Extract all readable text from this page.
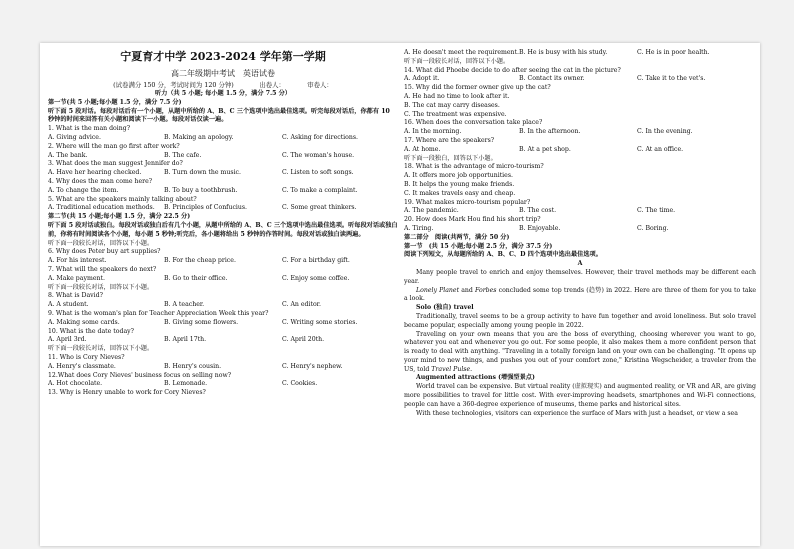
宁夏育才中学 2023-2024 学年第一学期
高二年级期中考试　英语试卷
(试卷满分 150 分，考试时间为 120 分钟)　　　　出卷人：　　　　审卷人：
听力（共 5 小题; 每小题 1.5 分，满分 7.5 分）
第一节(共 5 小题;每小题 1.5 分，满分 7.5 分)
听下面 5 段对话。每段对话后有一个小题，从题中所给的 A、B、C 三个选项中选出最佳选项。听完每段对话后，你都有 10 秒钟的时间来回答有关小题和阅读下一小题。每段对话仅读一遍。
1. What is the man doing?
A. Giving advice.	B. Making an apology.	C. Asking for directions.
2. Where will the man go first after work?
A. The bank.	B. The cafe.	C. The woman's house.
3. What does the man suggest Jennifer do?
A. Have her hearing checked.	B. Turn down the music.	C. Listen to soft songs.
4. Why does the man come here?
A. To change the item.	B. To buy a toothbrush.	C. To make a complaint.
5. What are the speakers mainly talking about?
A. Traditional education methods.	B. Principles of Confucius.	C. Some great thinkers.
第二节(共 15 小题;每小题 1.5 分，满分 22.5 分)
听下面 5 段对话或独白。每段对话或独白后有几个小题，从题中所给的 A、B、C 三个选项中选出最佳选项。听每段对话或独白前，你将有时间阅读各个小题，每小题 5 秒钟;听完后，各小题将给出 5 秒钟的作答时间。每段对话或独白读两遍。
听下面一段较长对话，回答以下小题。
6. Why does Peter buy art supplies?
A. For his interest.	B. For the cheap price.	C. For a birthday gift.
7. What will the speakers do next?
A. Make payment.	B. Go to their office.	C. Enjoy some coffee.
听下面一段较长对话，回答以下小题。
8. What is David?
A. A student.	B. A teacher.	C. An editor.
9. What is the woman's plan for Teacher Appreciation Week this year?
A. Making some cards.	B. Giving some flowers.	C. Writing some stories.
10. What is the date today?
A. April 3rd.	B. April 17th.	C. April 20th.
听下面一段较长对话，回答以下小题。
11. Who is Cory Nieves?
A. Henry's classmate.	B. Henry's cousin.	C. Henry's nephew.
12.What does Cory Nieves' business focus on selling now?
A. Hot chocolate.	B. Lemonade.	C. Cookies.
13. Why is Henry unable to work for Cory Nieves?
A. He doesn't meet the requirement. B. He is busy with his study.	C. He is in poor health.
听下面一段较长对话，回答以下小题。
14. What did Phoebe decide to do after seeing the cat in the picture?
A. Adopt it.	B. Contact its owner.	C. Take it to the vet's.
15. Why did the former owner give up the cat?
A. He had no time to look after it.
B. The cat may carry diseases.
C. The treatment was expensive.
16. When does the conversation take place?
A. In the morning.	B. In the afternoon.	C. In the evening.
17. Where are the speakers?
A. At home.	B. At a pet shop.	C. At an office.
听下面一段独白，回答以下小题。
18. What is the advantage of micro-tourism?
A. It offers more job opportunities.
B. It helps the young make friends.
C. It makes travels easy and cheap.
19. What makes micro-tourism popular?
A. The pandemic.	B. The cost.	C. The time.
20. How does Mark Hou find his short trip?
A. Tiring.	B. Enjoyable.	C. Boring.
第二部分　阅读(共两节，满分 50 分)
第一节　(共 15 小题;每小题 2.5 分，满分 37.5 分)
阅读下列短文，从每题所给的 A、B、C、D 四个选项中选出最佳选项。
A
Many people travel to enrich and enjoy themselves. However, their travel methods may be different each year.
Lonely Planet and Forbes concluded some top trends (趋势) in 2022. Here are three of them for you to take a look.
Solo (独自) travel
Traditionally, travel seems to be a group activity to have fun together and avoid loneliness. But solo travel became popular, especially among young people in 2022.
Traveling on your own means that you are the boss of everything, choosing wherever you want to go, whatever you eat and whenever you go out. For some people, it also makes them a more confident person that is ready to deal with anything. "Traveling in a totally foreign land on your own can be challenging. "It opens up your mind to new things, and pushes you out of your comfort zone," Kristina Wegscheider, a traveler from the US, told Travel Pulse.
Augmented attractions (增强型景点)
World travel can be expensive. But virtual reality (虚拟现实) and augmented reality, or VR and AR, are giving more possibilities to travel for little cost. With ever-improving headsets, smartphones and Wi-Fi connections, people can have a 360-degree experience of museums, theme parks and historical sites.
With these technologies, visitors can experience the surface of Mars with just a headset, or view a sea
